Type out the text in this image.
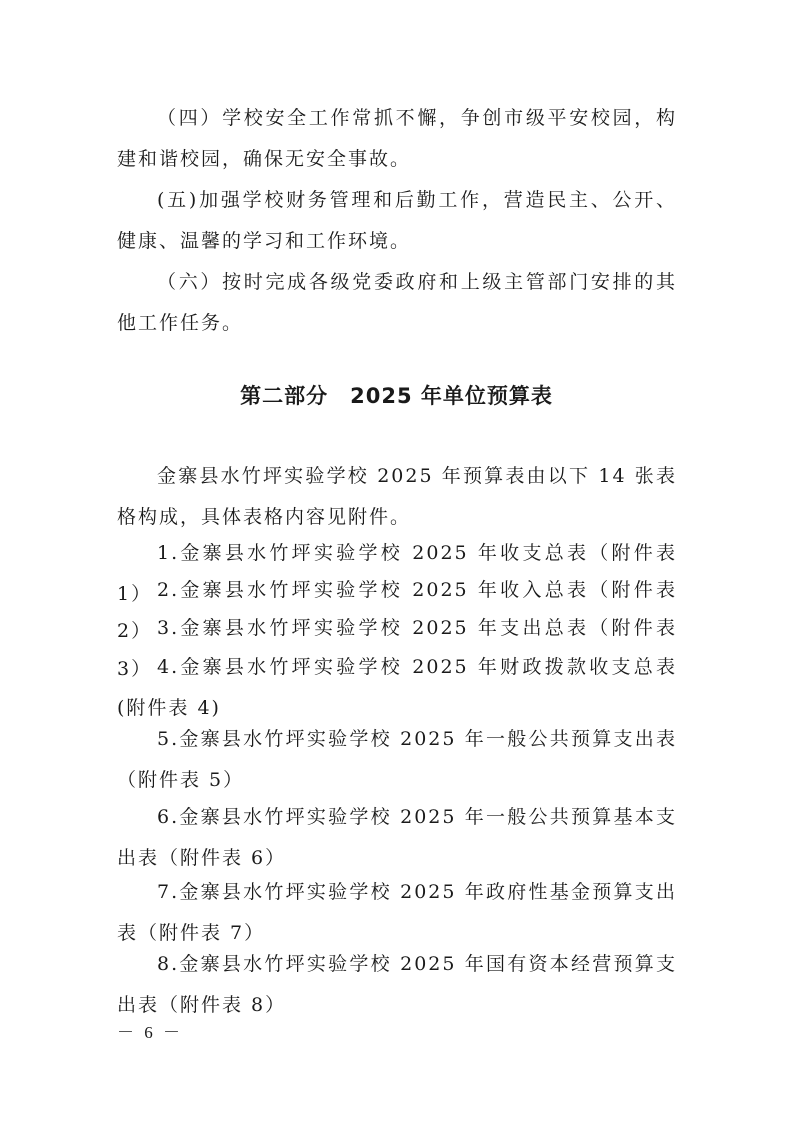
（四）学校安全工作常抓不懈，争创市级平安校园，构建和谐校园，确保无安全事故。

(五)加强学校财务管理和后勤工作，营造民主、公开、健康、温馨的学习和工作环境。

（六）按时完成各级党委政府和上级主管部门安排的其他工作任务。

第二部分　2025 年单位预算表

金寨县水竹坪实验学校 2025 年预算表由以下 14 张表格构成，具体表格内容见附件。

1.金寨县水竹坪实验学校 2025 年收支总表（附件表 1） 2.金寨县水竹坪实验学校 2025 年收入总表（附件表 2） 3.金寨县水竹坪实验学校 2025 年支出总表（附件表 3） 4.金寨县水竹坪实验学校 2025 年财政拨款收支总表(附件表 4)

5.金寨县水竹坪实验学校 2025 年一般公共预算支出表（附件表 5）

6.金寨县水竹坪实验学校 2025 年一般公共预算基本支出表（附件表 6）

7.金寨县水竹坪实验学校 2025 年政府性基金预算支出表（附件表 7）

8.金寨县水竹坪实验学校 2025 年国有资本经营预算支出表（附件表 8）

－ 6 －
